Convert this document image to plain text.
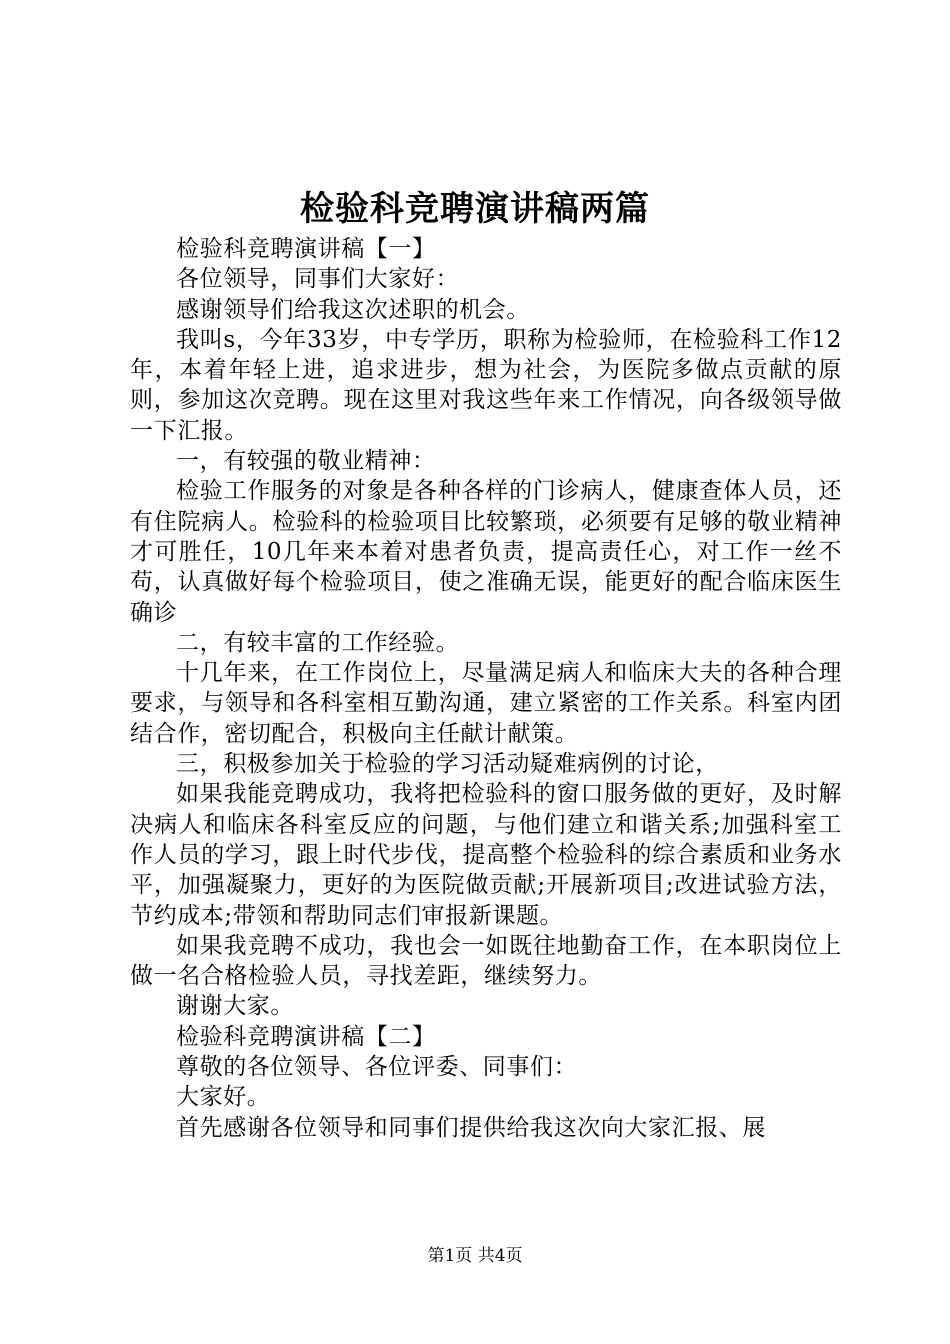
检验科竞聘演讲稿两篇

检验科竞聘演讲稿【一】

各位领导，同事们大家好：

感谢领导们给我这次述职的机会。

我叫s，今年33岁，中专学历，职称为检验师，在检验科工作12年，本着年轻上进，追求进步，想为社会，为医院多做点贡献的原则，参加这次竞聘。现在这里对我这些年来工作情况，向各级领导做一下汇报。

一，有较强的敬业精神：

检验工作服务的对象是各种各样的门诊病人，健康查体人员，还有住院病人。检验科的检验项目比较繁琐，必须要有足够的敬业精神才可胜任，10几年来本着对患者负责，提高责任心，对工作一丝不苟，认真做好每个检验项目，使之准确无误，能更好的配合临床医生确诊

二，有较丰富的工作经验。

十几年来，在工作岗位上，尽量满足病人和临床大夫的各种合理要求，与领导和各科室相互勤沟通，建立紧密的工作关系。科室内团结合作，密切配合，积极向主任献计献策。

三，积极参加关于检验的学习活动疑难病例的讨论，

如果我能竞聘成功，我将把检验科的窗口服务做的更好，及时解决病人和临床各科室反应的问题，与他们建立和谐关系;加强科室工作人员的学习，跟上时代步伐，提高整个检验科的综合素质和业务水平，加强凝聚力，更好的为医院做贡献;开展新项目;改进试验方法，节约成本;带领和帮助同志们审报新课题。

如果我竞聘不成功，我也会一如既往地勤奋工作，在本职岗位上做一名合格检验人员，寻找差距，继续努力。

谢谢大家。

检验科竞聘演讲稿【二】

尊敬的各位领导、各位评委、同事们：

大家好。

首先感谢各位领导和同事们提供给我这次向大家汇报、展

第1页 共4页
